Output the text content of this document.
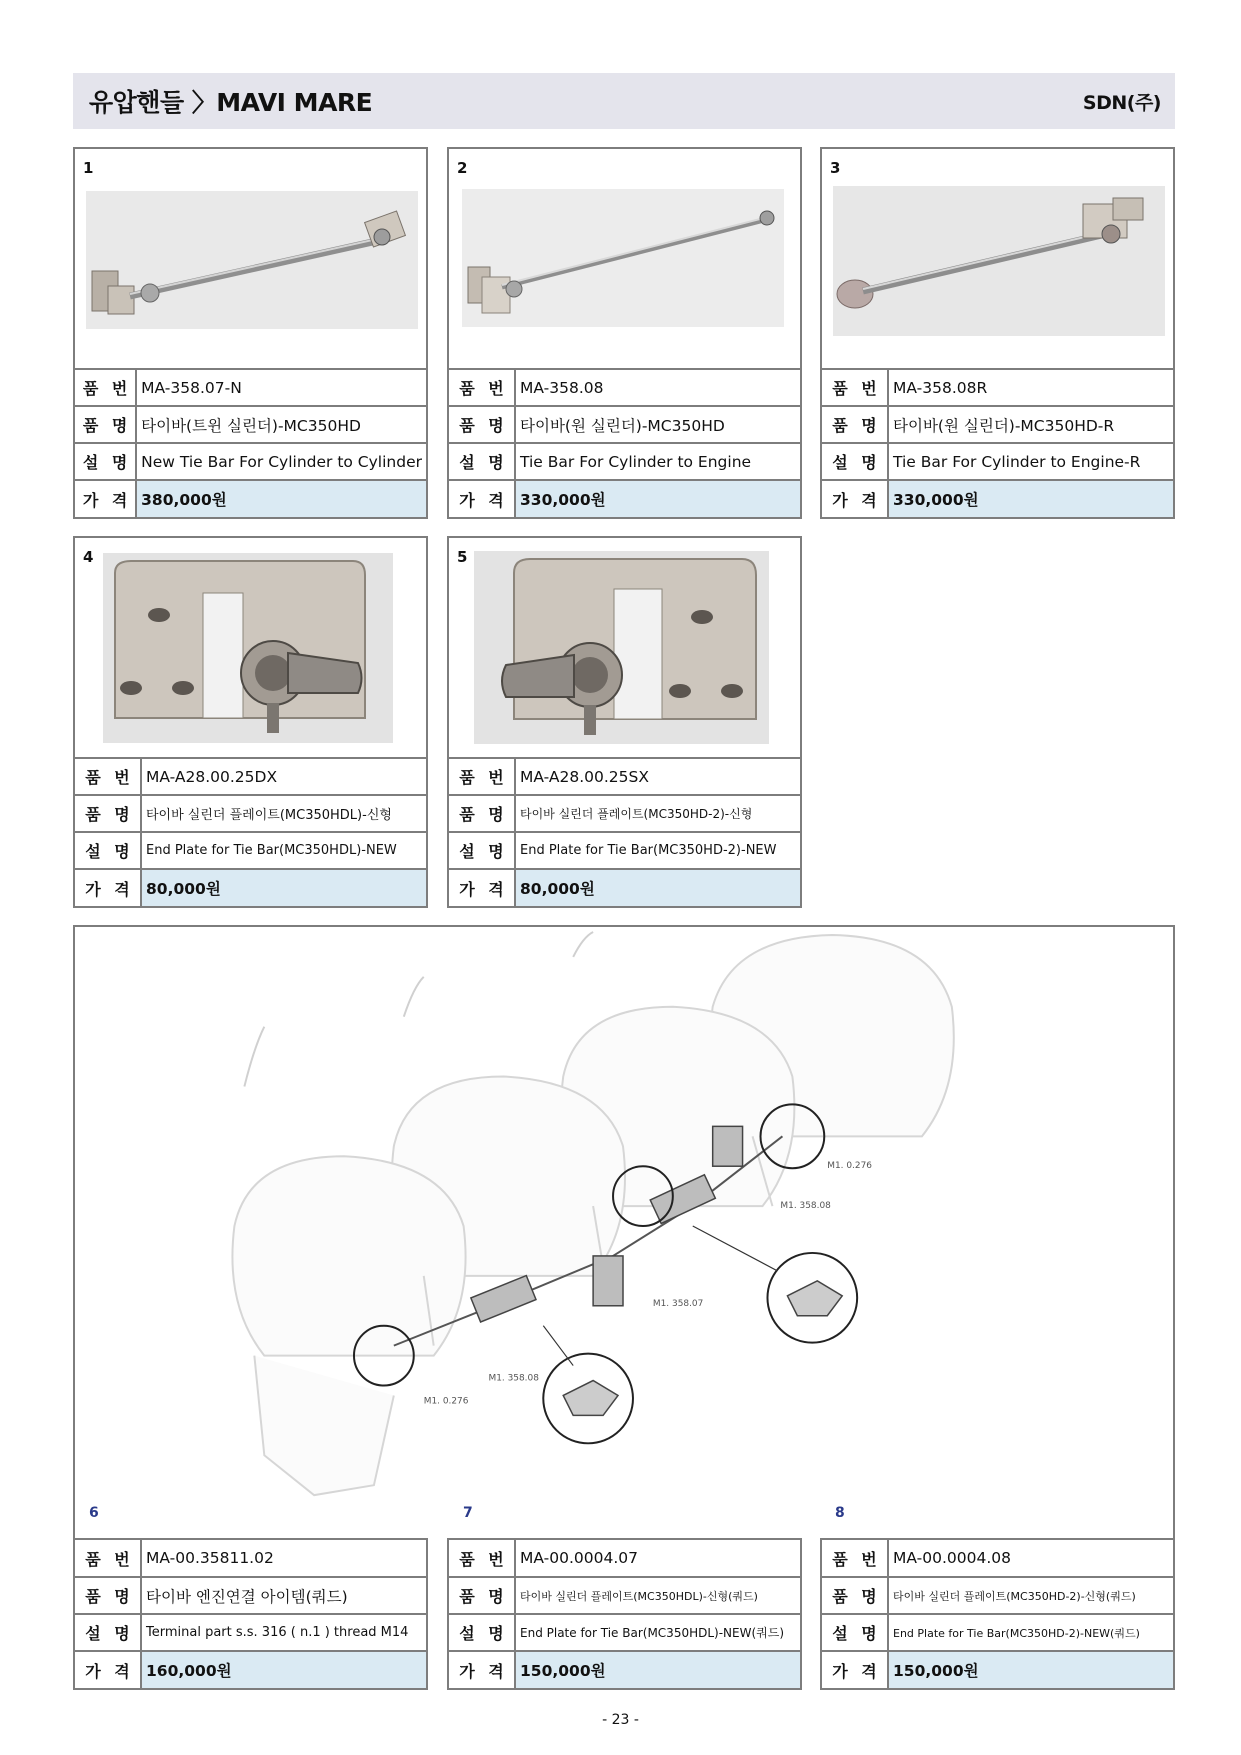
유압핸들 〉MAVI MARE	SDN(주)
1
품 번	MA-358.07-N
품 명	타이바(트윈 실린더)-MC350HD
설 명	New Tie Bar For Cylinder to Cylinder
가 격	380,000원
2
품 번	MA-358.08
품 명	타이바(원 실린더)-MC350HD
설 명	Tie Bar For Cylinder to Engine
가 격	330,000원
3
품 번	MA-358.08R
품 명	타이바(원 실린더)-MC350HD-R
설 명	Tie Bar For Cylinder to Engine-R
가 격	330,000원
4
품 번	MA-A28.00.25DX
품 명	타이바 실린더 플레이트(MC350HDL)-신형
설 명	End Plate for Tie Bar(MC350HDL)-NEW
가 격	80,000원
5
품 번	MA-A28.00.25SX
품 명	타이바 실린더 플레이트(MC350HD-2)-신형
설 명	End Plate for Tie Bar(MC350HD-2)-NEW
가 격	80,000원
M1. 0.276
M1. 358.08
M1. 358.07
M1. 358.08
M1. 0.276
6	7	8
품 번	MA-00.35811.02
품 명	타이바 엔진연결 아이템(쿼드)
설 명	Terminal part s.s. 316 ( n.1 ) thread M14
가 격	160,000원
품 번	MA-00.0004.07
품 명	타이바 실린더 플레이트(MC350HDL)-신형(쿼드)
설 명	End Plate for Tie Bar(MC350HDL)-NEW(쿼드)
가 격	150,000원
품 번	MA-00.0004.08
품 명	타이바 실린더 플레이트(MC350HD-2)-신형(쿼드)
설 명	End Plate for Tie Bar(MC350HD-2)-NEW(쿼드)
가 격	150,000원
- 23 -
